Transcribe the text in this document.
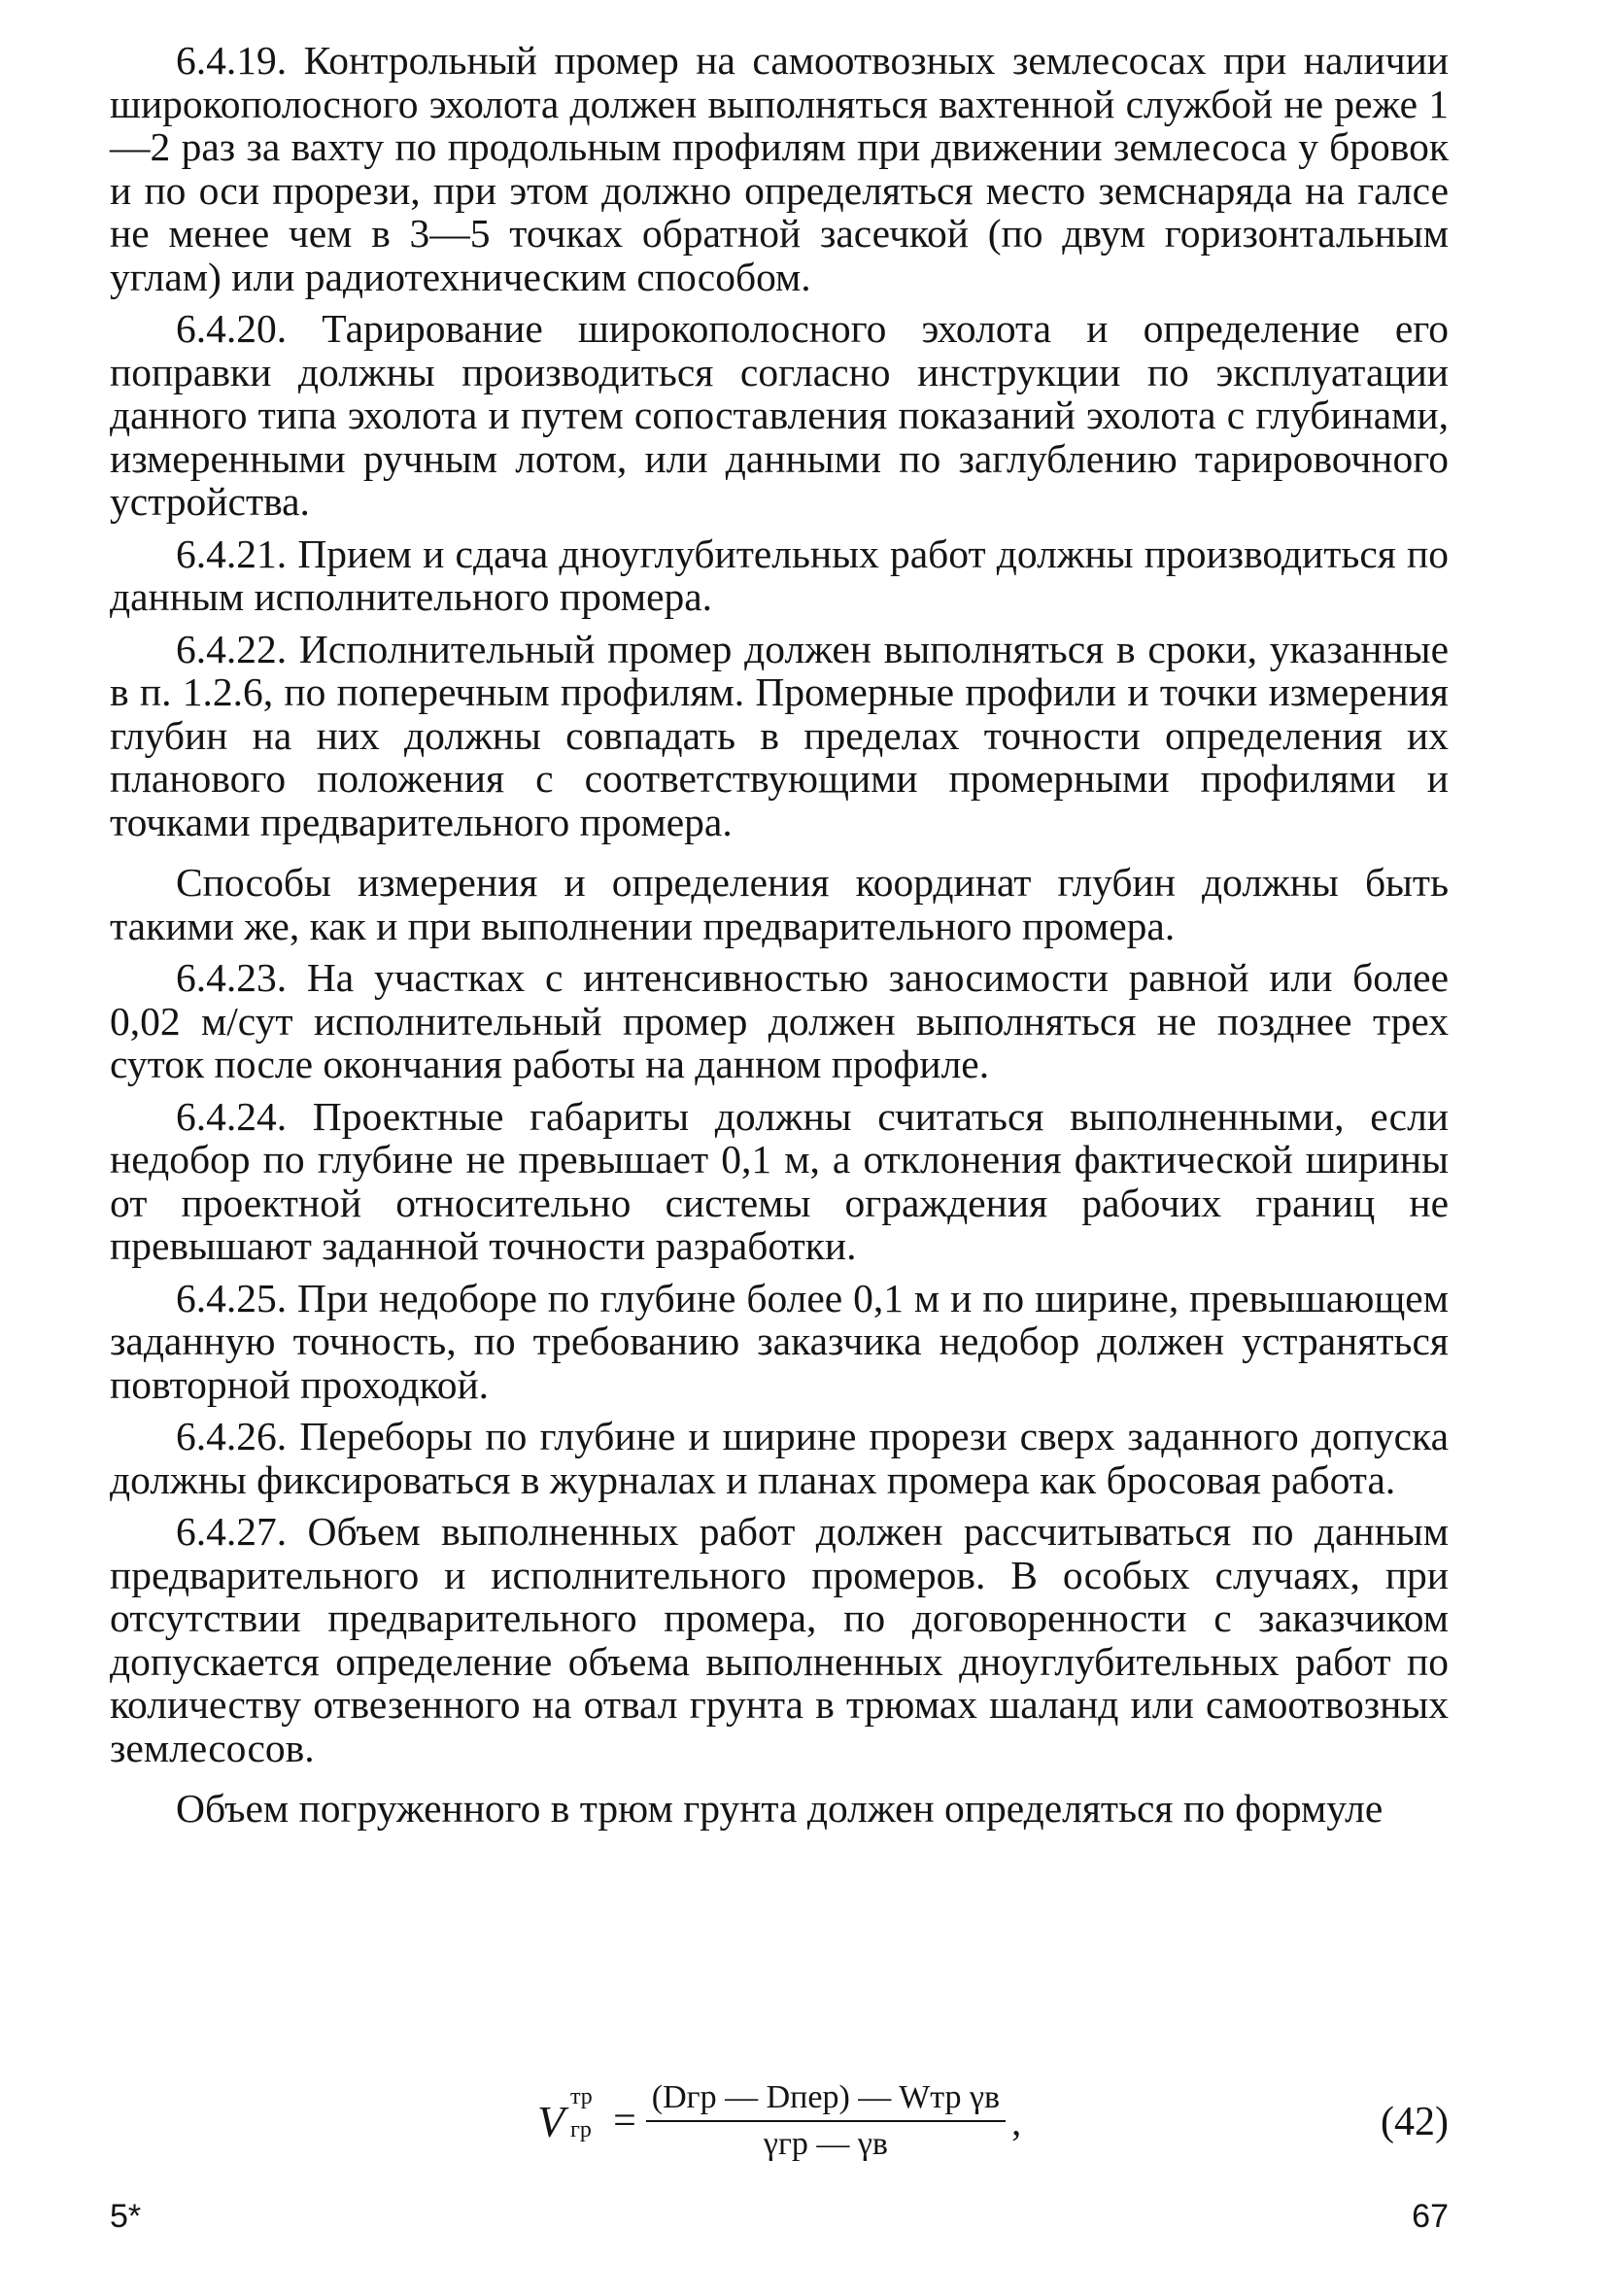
6.4.19. Контрольный промер на самоотвозных землесосах при наличии широкополосного эхолота должен выполняться вахтенной службой не реже 1—2 раз за вахту по продольным профилям при движении землесоса у бровок и по оси прорези, при этом должно определяться место земснаряда на галсе не менее чем в 3—5 точках обратной засечкой (по двум горизонтальным углам) или радиотехническим способом.

6.4.20. Тарирование широкополосного эхолота и определение его поправки должны производиться согласно инструкции по эксплуатации данного типа эхолота и путем сопоставления показаний эхолота с глубинами, измеренными ручным лотом, или данными по заглублению тарировочного устройства.

6.4.21. Прием и сдача дноуглубительных работ должны производиться по данным исполнительного промера.

6.4.22. Исполнительный промер должен выполняться в сроки, указанные в п. 1.2.6, по поперечным профилям. Промерные профили и точки измерения глубин на них должны совпадать в пределах точности определения их планового положения с соответствующими промерными профилями и точками предварительного промера.

Способы измерения и определения координат глубин должны быть такими же, как и при выполнении предварительного промера.

6.4.23. На участках с интенсивностью заносимости равной или более 0,02 м/сут исполнительный промер должен выполняться не позднее трех суток после окончания работы на данном профиле.

6.4.24. Проектные габариты должны считаться выполненными, если недобор по глубине не превышает 0,1 м, а отклонения фактической ширины от проектной относительно системы ограждения рабочих границ не превышают заданной точности разработки.

6.4.25. При недоборе по глубине более 0,1 м и по ширине, превышающем заданную точность, по требованию заказчика недобор должен устраняться повторной проходкой.

6.4.26. Переборы по глубине и ширине прорези сверх заданного допуска должны фиксироваться в журналах и планах промера как бросовая работа.

6.4.27. Объем выполненных работ должен рассчитываться по данным предварительного и исполнительного промеров. В особых случаях, при отсутствии предварительного промера, по договоренности с заказчиком допускается определение объема выполненных дноуглубительных работ по количеству отвезенного на отвал грунта в трюмах шаланд или самоотвозных землесосов.

Объем погруженного в трюм грунта должен определяться по формуле

V тр
гр = $\frac{\text{(Dгр — Dпер) — Wтр γв}}{\text{γгр — γв}}$ ,	(42)
5*	67
